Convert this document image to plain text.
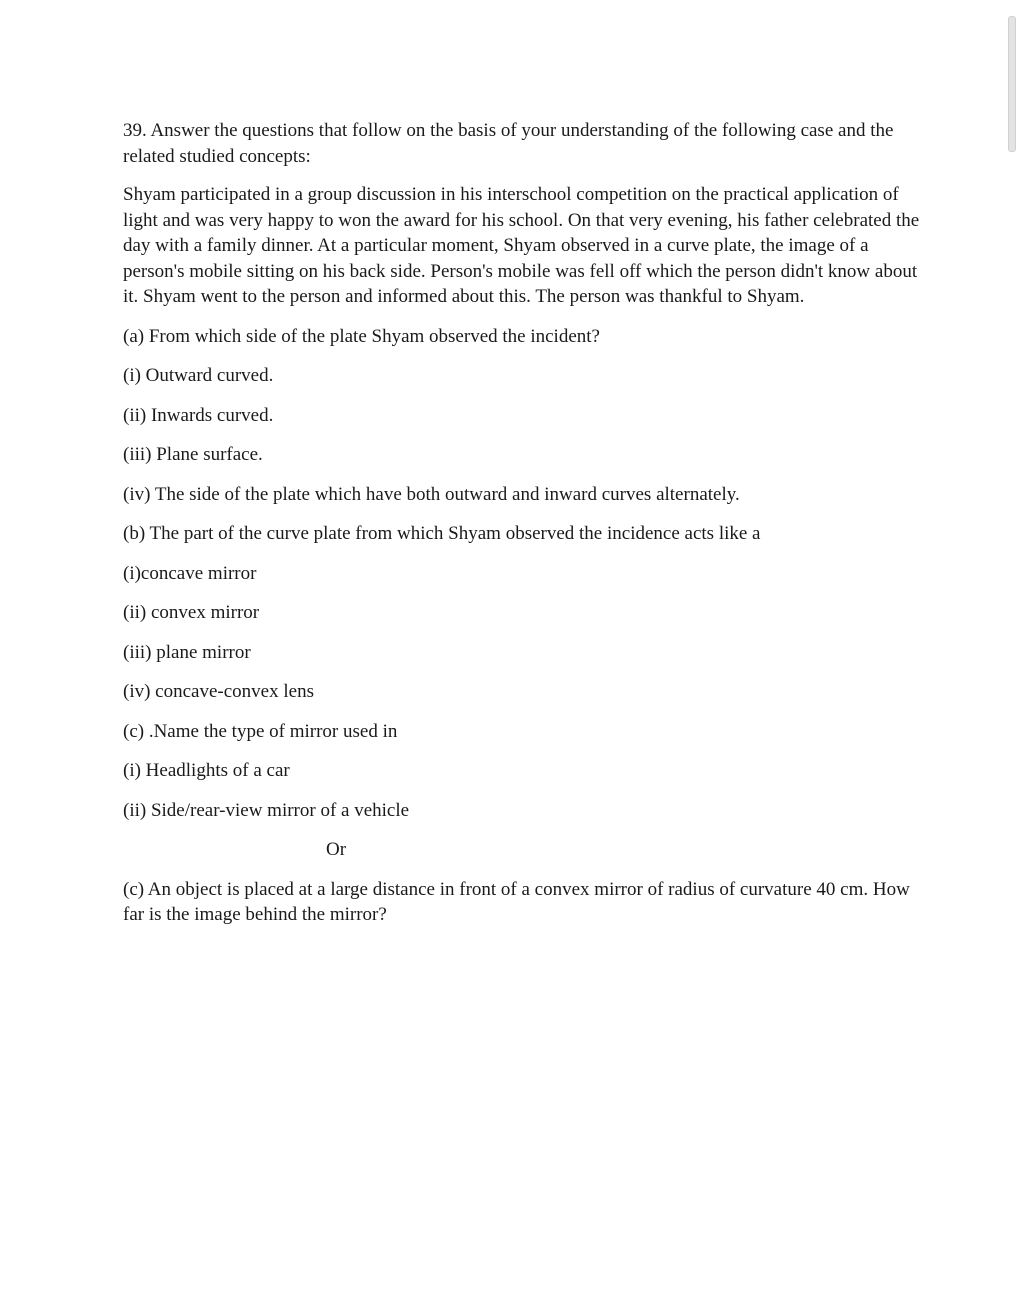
39. Answer the questions that follow on the basis of your understanding of the following case and the related studied concepts:

Shyam participated in a group discussion in his interschool competition on the practical application of light and was very happy to won the award for his school. On that very evening, his father celebrated the day with a family dinner. At a particular moment, Shyam observed in a curve plate, the image of a person's mobile sitting on his back side. Person's mobile was fell off which the person didn't know about it. Shyam went to the person and informed about this. The person was thankful to Shyam.

(a) From which side of the plate Shyam observed the incident?

(i) Outward curved.

(ii) Inwards curved.

(iii) Plane surface.

(iv) The side of the plate which have both outward and inward curves alternately.

(b) The part of the curve plate from which Shyam observed the incidence acts like a

(i)concave mirror

(ii) convex mirror

(iii) plane mirror

(iv) concave-convex lens

(c) .Name the type of mirror used in

(i) Headlights of a car

(ii) Side/rear-view mirror of a vehicle

Or

(c) An object is placed at a large distance in front of a convex mirror of radius of curvature 40 cm. How far is the image behind the mirror?
